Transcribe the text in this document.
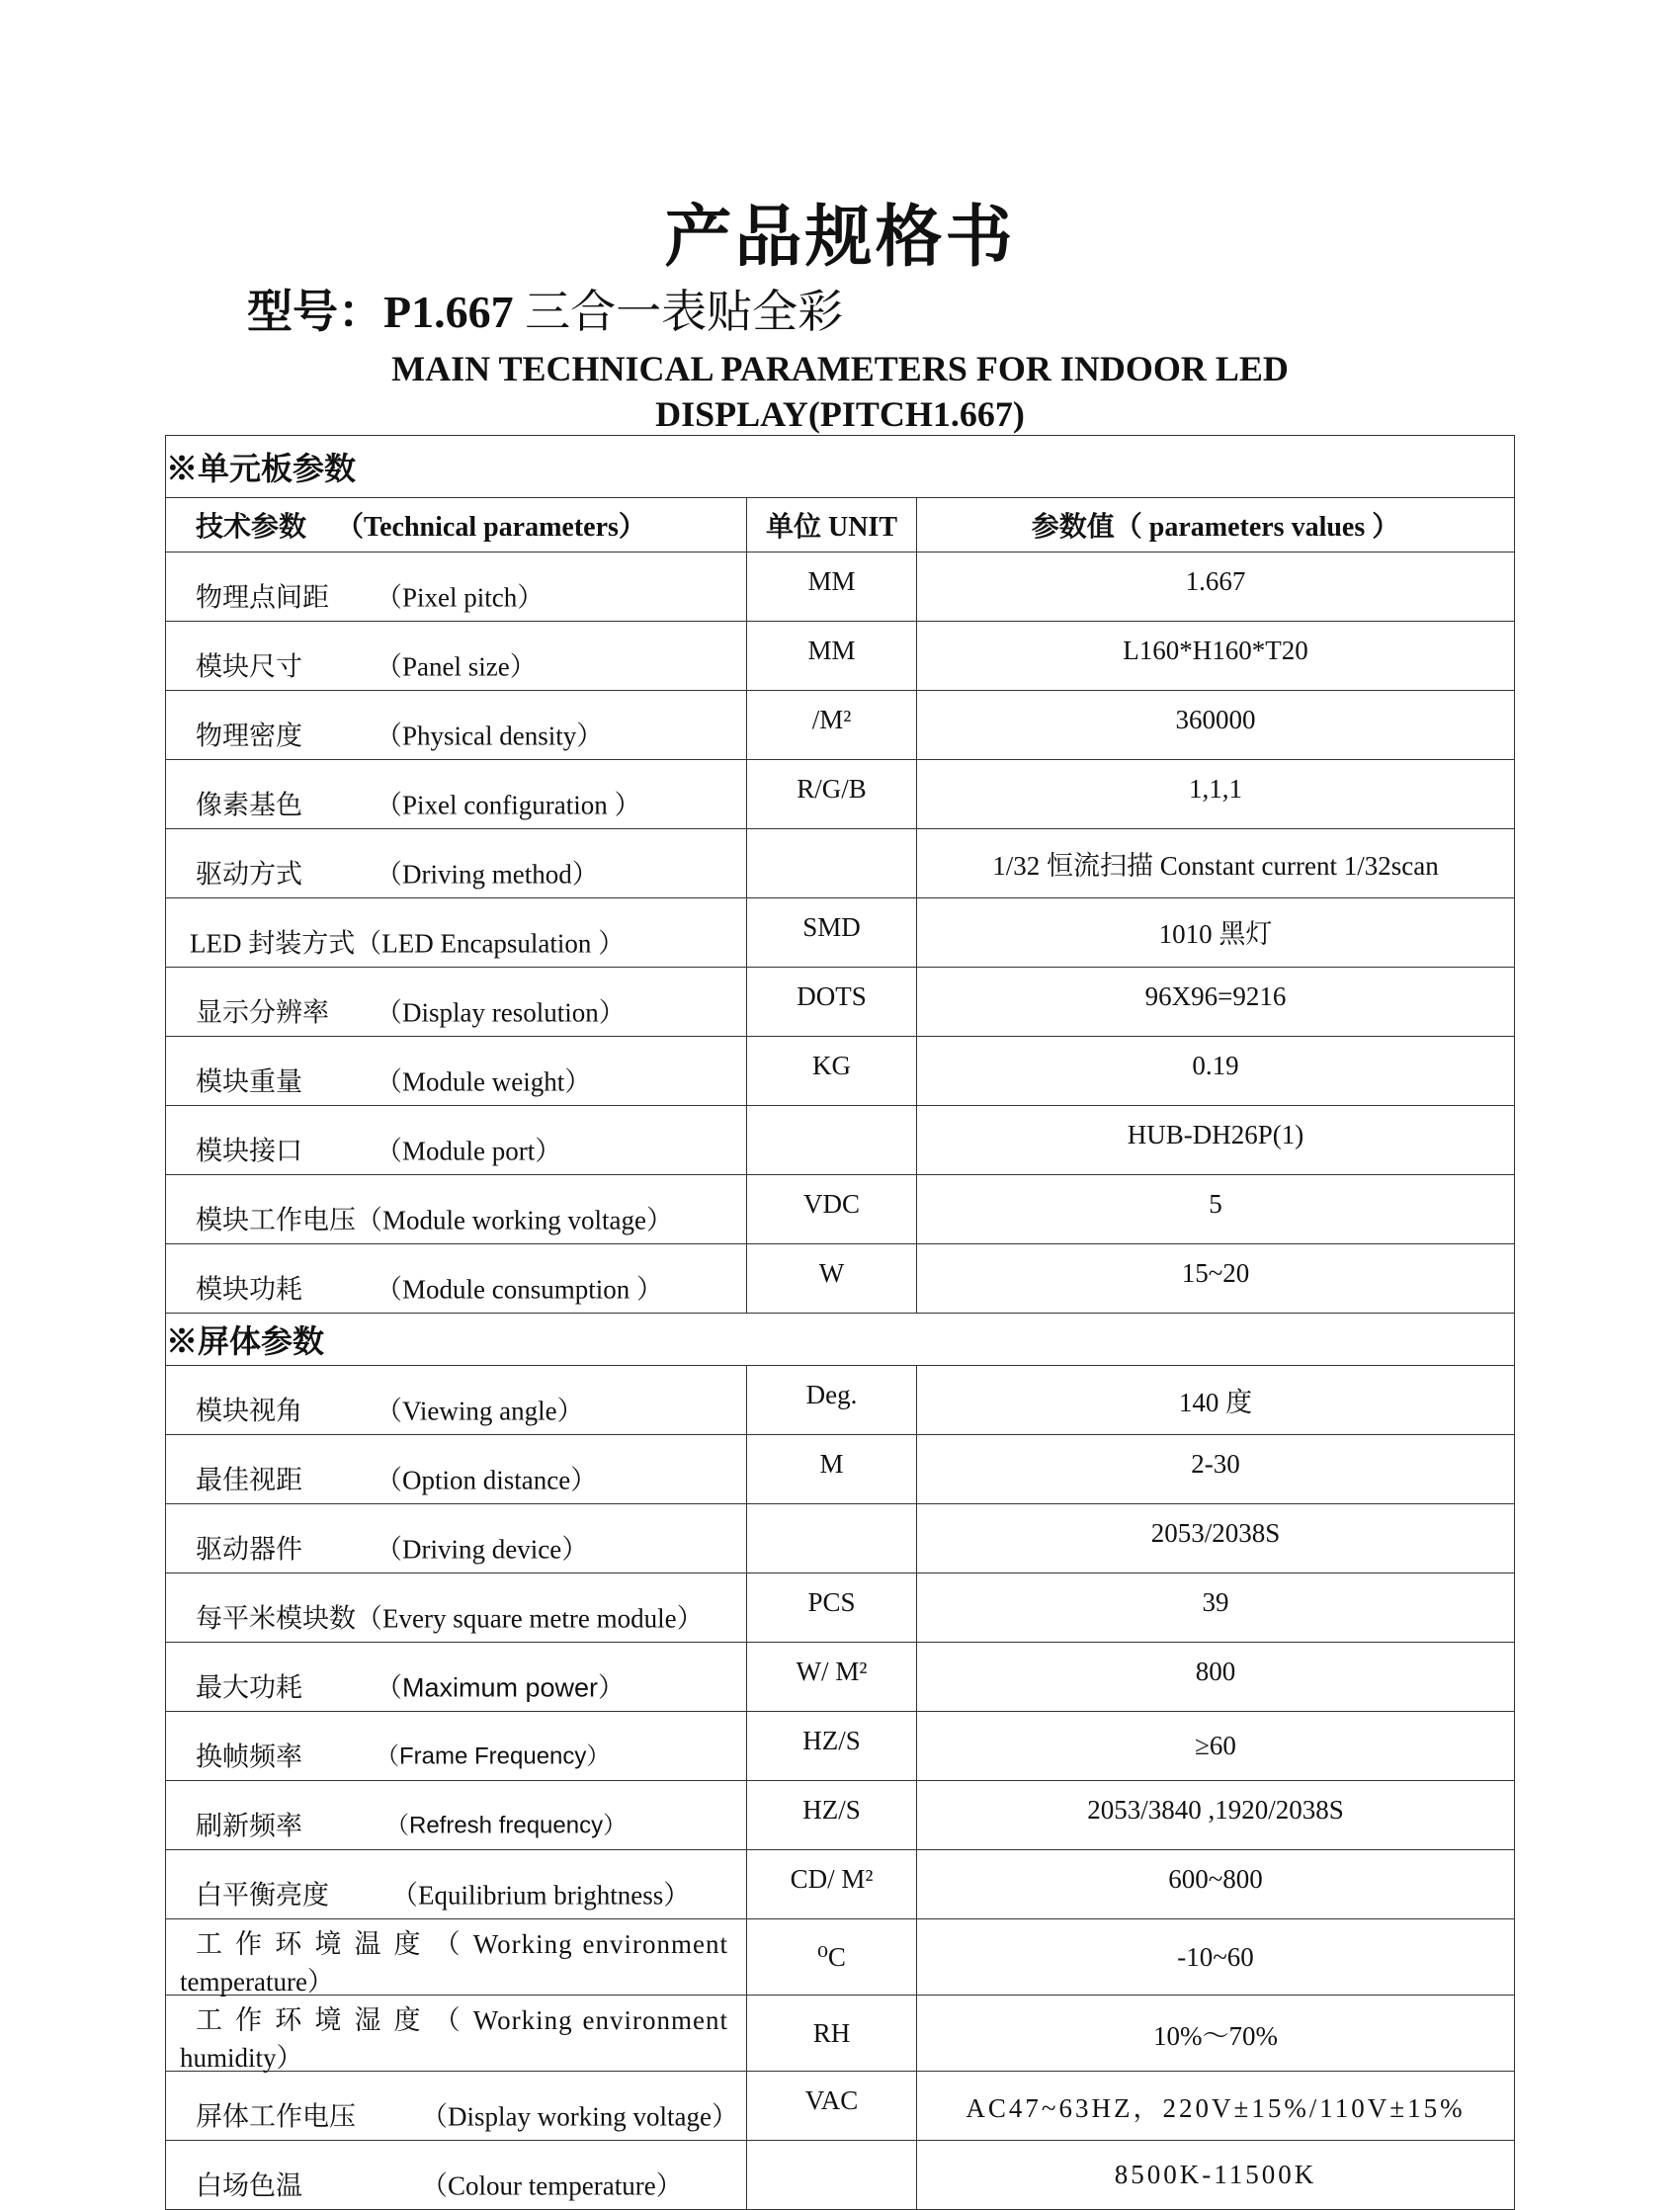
产品规格书
型号：P1.667 三合一表贴全彩
MAIN TECHNICAL PARAMETERS FOR INDOOR LED
DISPLAY(PITCH1.667)
※单元板参数		
技术参数 （Technical parameters）	单位 UNIT	参数值（ parameters values ）

物理点间距 （Pixel pitch）	MM	1.667

模块尺寸 （Panel size）	MM	L160*H160*T20

物理密度 （Physical density）	/M²	360000

像素基色 （Pixel configuration ）	R/G/B	1,1,1

驱动方式 （Driving method）		1/32 恒流扫描 Constant current 1/32scan

LED 封装方式（LED Encapsulation ）	SMD	1010 黑灯

显示分辨率 （Display resolution）	DOTS	96X96=9216

模块重量 （Module weight）	KG	0.19

模块接口 （Module port）		HUB-DH26P(1)

模块工作电压（Module working voltage）	VDC	5

模块功耗 （Module consumption ）	W	15~20
※屏体参数		

模块视角 （Viewing angle）	Deg.	140 度

最佳视距 （Option distance）	M	2-30

驱动器件 （Driving device）		2053/2038S

每平米模块数（Every square metre module）	PCS	39

最大功耗 （Maximum power）	W/ M²	800

换帧频率 （Frame Frequency）	HZ/S	≥60

刷新频率 （Refresh frequency）	HZ/S	2053/3840 ,1920/2038S

白平衡亮度 （Equilibrium brightness）	CD/ M²	600~800

工 作 环 境 温 度 （ Working environment
temperature）	⁰C	-10~60

工 作 环 境 湿 度 （ Working environment
humidity）	RH	10%～70%

屏体工作电压 （Display working voltage）	VAC	AC47~63HZ，220V±15%/110V±15%

白场色温 （Colour temperature）		8500K-11500K
